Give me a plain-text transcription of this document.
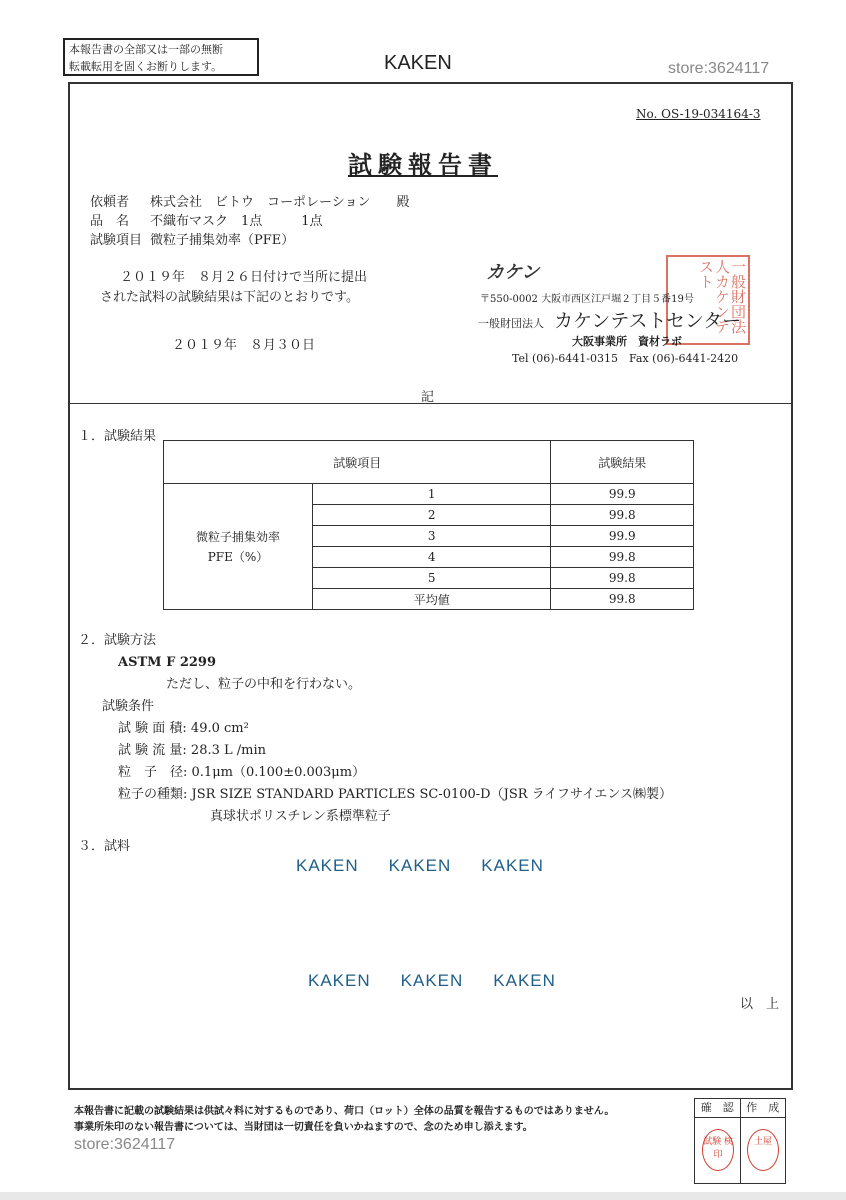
本報告書の全部又は一部の無断
転載転用を固くお断りします。	KAKEN	store:3624117
No. OS-19-034164-3
試験報告書
依頼者 株式会社　ビトウ　コーポレーション　　殿
品　名 不織布マスク　1点　　　1点
試験項目 微粒子捕集効率（PFE）
２０１９年　８月２６日付けで当所に提出
された試料の試験結果は下記のとおりです。
２０１９年　８月３０日
カケン	一般財団法人カケンテスト
〒550-0002 大阪市西区江戸堀２丁目５番19号
一般財団法人 カケンテストセンター
大阪事業所　資材ラボ
Tel (06)-6441-0315　Fax (06)-6441-2420
記
１．試験結果
試験項目		試験結果

微粒子捕集効率
PFE（%）	1	99.9
	2	99.8
	3	99.9
	4	99.8
	5	99.8
	平均値	99.8
２．試験方法
ASTM F 2299
ただし、粒子の中和を行わない。
試験条件
試 験 面 積: 49.0 cm²
試 験 流 量: 28.3 L /min
粒　子　径: 0.1μm（0.100±0.003μm）
粒子の種類: JSR SIZE STANDARD PARTICLES SC-0100-D（JSR ライフサイエンス㈱製）
真球状ポリスチレン系標準粒子
３．試料
KAKEN KAKEN KAKEN
KAKEN KAKEN KAKEN
以　上
本報告書に記載の試験結果は供試々料に対するものであり、荷口（ロット）全体の品質を報告するものではありません。
事業所朱印のない報告書については、当財団は一切責任を負いかねますので、念のため申し添えます。
store:3624117
確　認	作　成
試験 検印
土屋
